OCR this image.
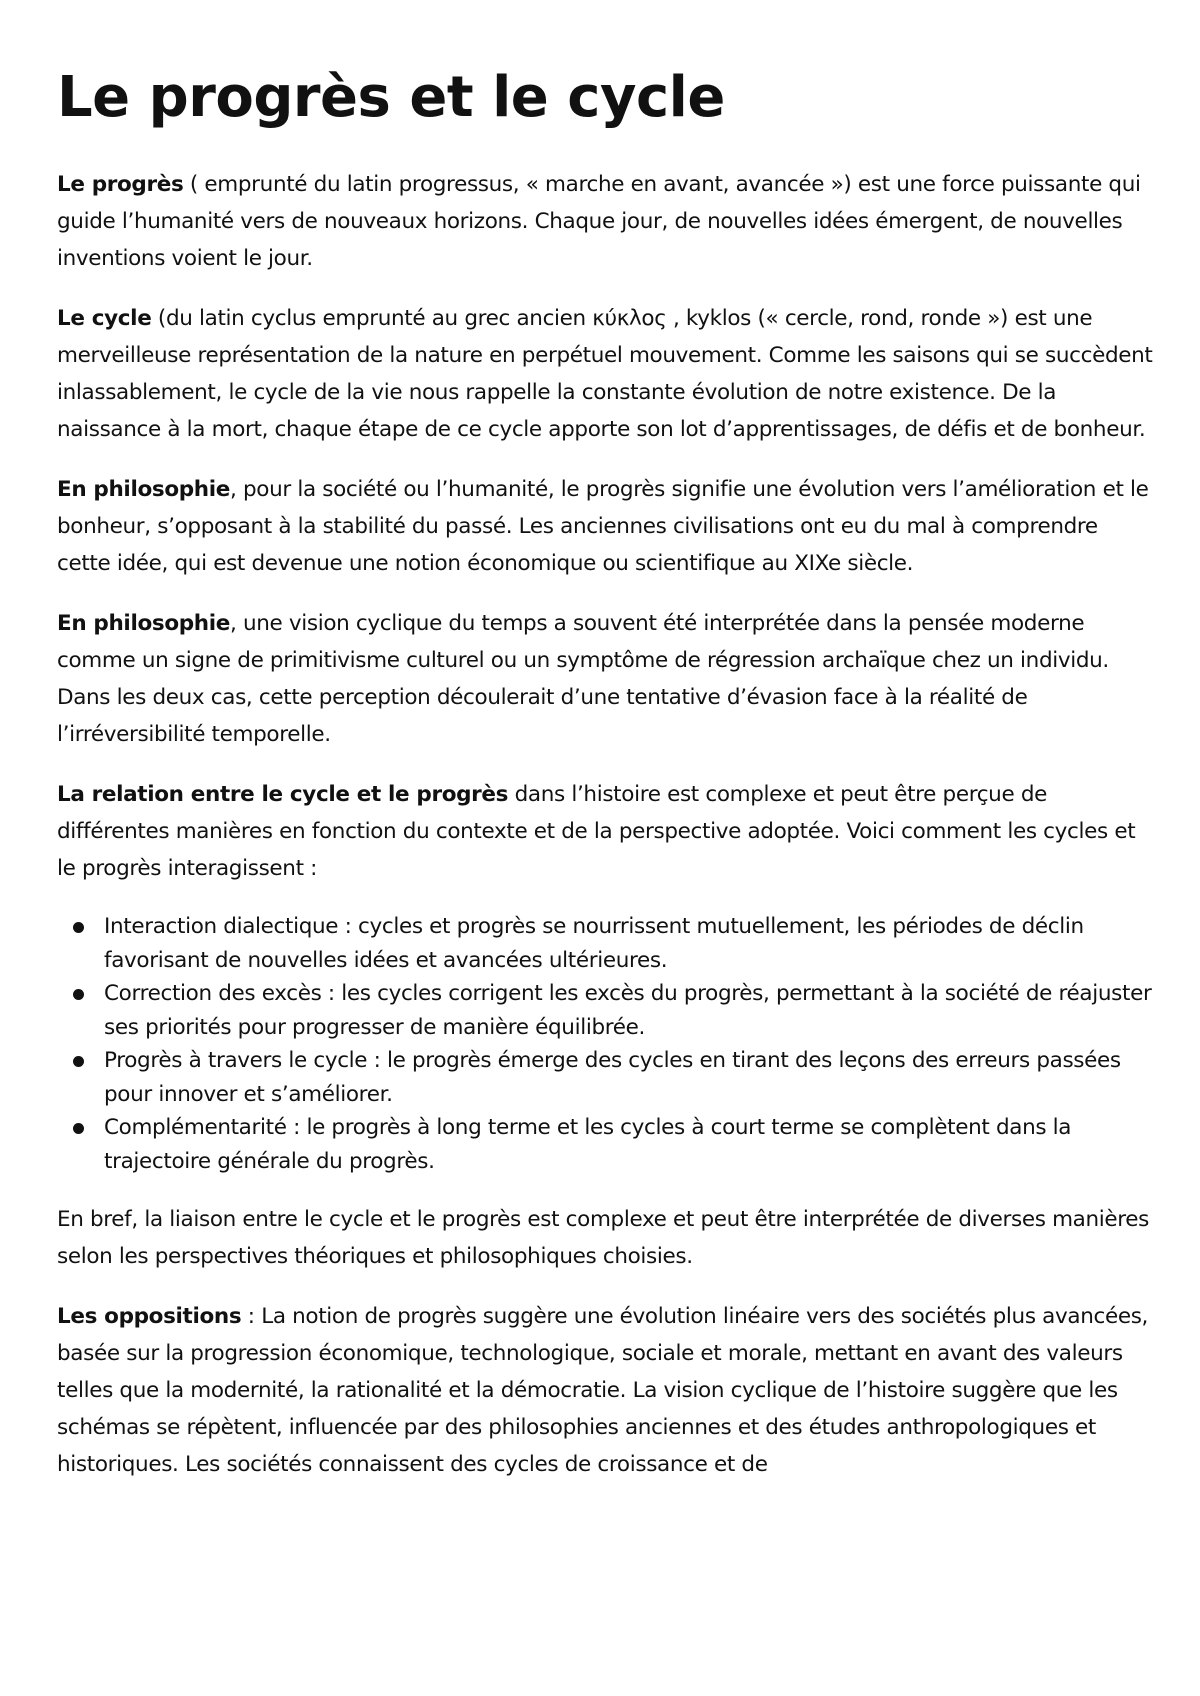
Le progrès et le cycle

Le progrès ( emprunté du latin progressus, « marche en avant, avancée ») est une force puissante qui guide l’humanité vers de nouveaux horizons. Chaque jour, de nouvelles idées émergent, de nouvelles inventions voient le jour.

Le cycle (du latin cyclus emprunté au grec ancien κύκλος , kyklos (« cercle, rond, ronde ») est une merveilleuse représentation de la nature en perpétuel mouvement. Comme les saisons qui se succèdent inlassablement, le cycle de la vie nous rappelle la constante évolution de notre existence. De la naissance à la mort, chaque étape de ce cycle apporte son lot d’apprentissages, de défis et de bonheur.

En philosophie, pour la société ou l’humanité, le progrès signifie une évolution vers l’amélioration et le bonheur, s’opposant à la stabilité du passé. Les anciennes civilisations ont eu du mal à comprendre cette idée, qui est devenue une notion économique ou scientifique au XIXe siècle.

En philosophie, une vision cyclique du temps a souvent été interprétée dans la pensée moderne comme un signe de primitivisme culturel ou un symptôme de régression archaïque chez un individu. Dans les deux cas, cette perception découlerait d’une tentative d’évasion face à la réalité de l’irréversibilité temporelle.

La relation entre le cycle et le progrès dans l’histoire est complexe et peut être perçue de différentes manières en fonction du contexte et de la perspective adoptée. Voici comment les cycles et le progrès interagissent :

Interaction dialectique : cycles et progrès se nourrissent mutuellement, les périodes de déclin favorisant de nouvelles idées et avancées ultérieures.
Correction des excès : les cycles corrigent les excès du progrès, permettant à la société de réajuster ses priorités pour progresser de manière équilibrée.
Progrès à travers le cycle : le progrès émerge des cycles en tirant des leçons des erreurs passées pour innover et s’améliorer.
Complémentarité : le progrès à long terme et les cycles à court terme se complètent dans la trajectoire générale du progrès.

En bref, la liaison entre le cycle et le progrès est complexe et peut être interprétée de diverses manières selon les perspectives théoriques et philosophiques choisies.

Les oppositions : La notion de progrès suggère une évolution linéaire vers des sociétés plus avancées, basée sur la progression économique, technologique, sociale et morale, mettant en avant des valeurs telles que la modernité, la rationalité et la démocratie. La vision cyclique de l’histoire suggère que les schémas se répètent, influencée par des philosophies anciennes et des études anthropologiques et historiques. Les sociétés connaissent des cycles de croissance et de
